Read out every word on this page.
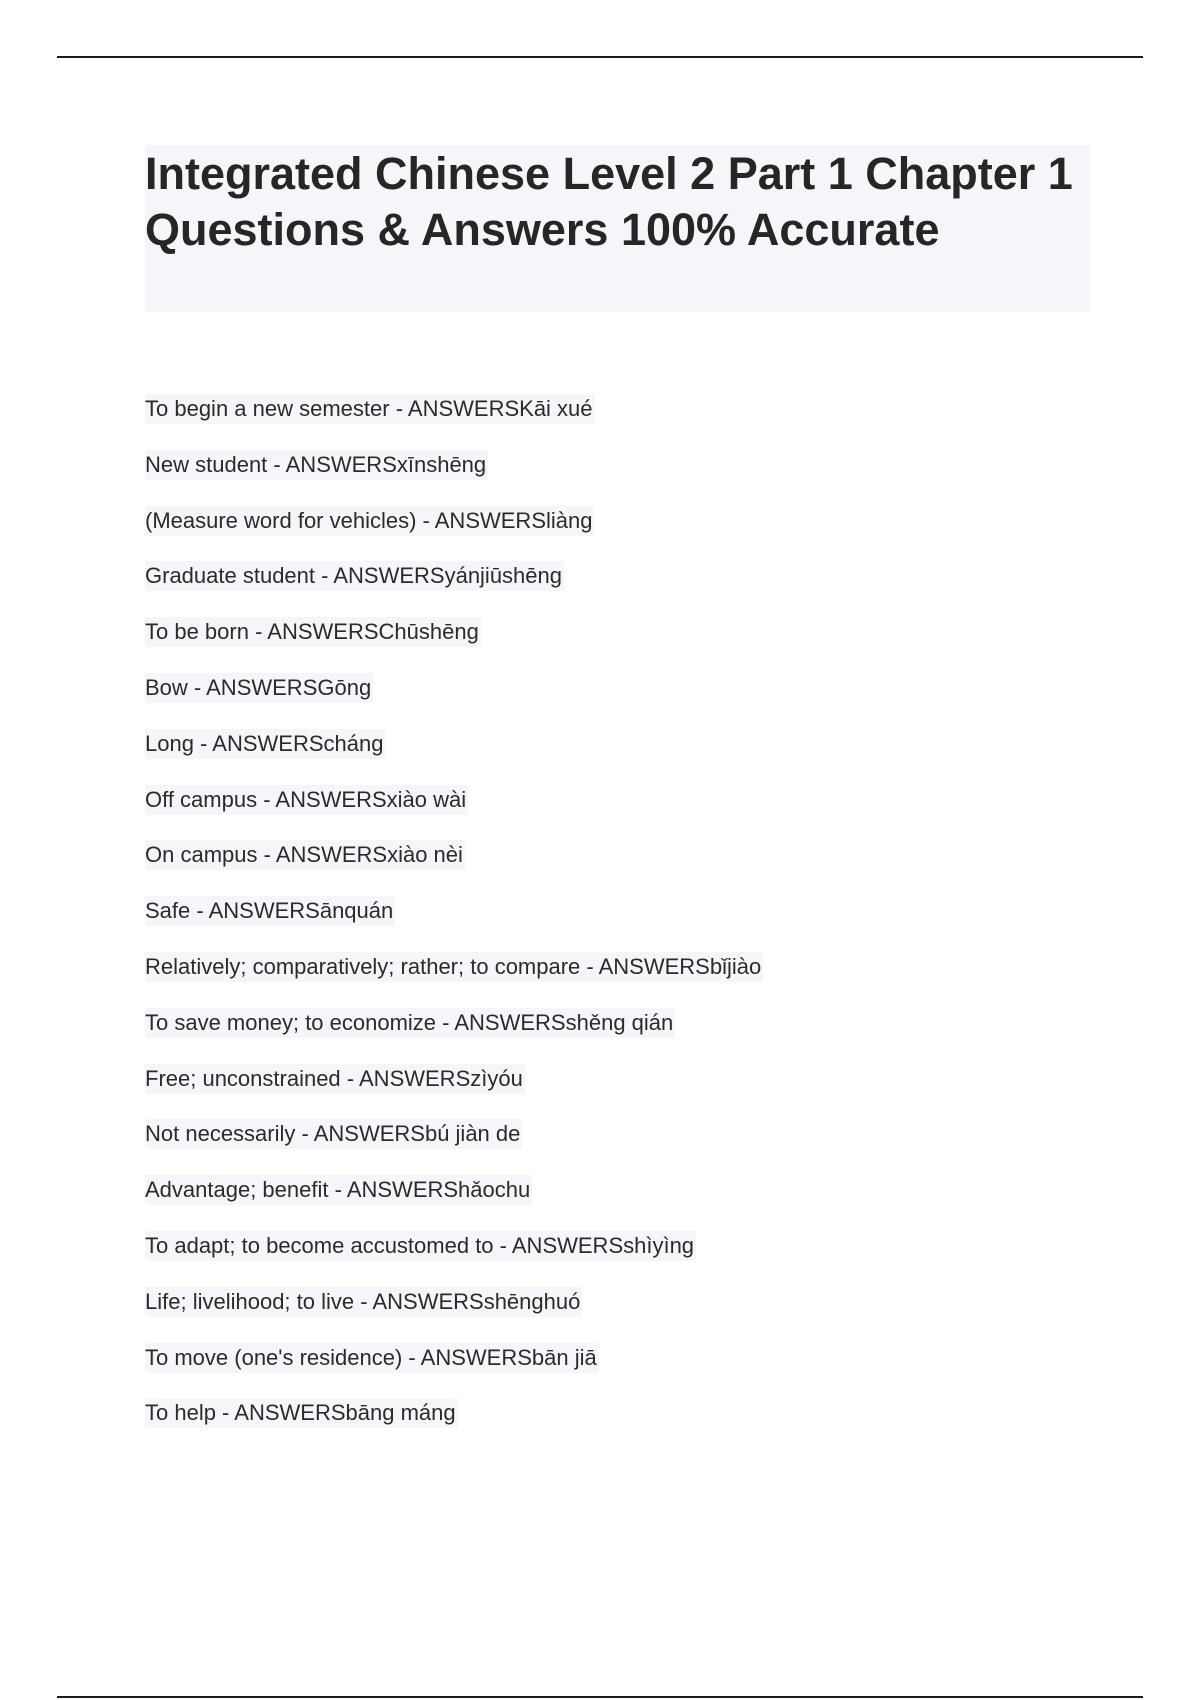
Integrated Chinese Level 2 Part 1 Chapter 1 Questions & Answers 100% Accurate
To begin a new semester - ANSWERSKāi xué
New student - ANSWERSxīnshēng
(Measure word for vehicles) - ANSWERSliàng
Graduate student - ANSWERSyánjiūshēng
To be born - ANSWERSChūshēng
Bow - ANSWERSGōng
Long - ANSWERScháng
Off campus - ANSWERSxiào wài
On campus - ANSWERSxiào nèi
Safe - ANSWERSānquán
Relatively; comparatively; rather; to compare - ANSWERSbǐjiào
To save money; to economize - ANSWERSshěng qián
Free; unconstrained - ANSWERSzìyóu
Not necessarily - ANSWERSbú jiàn de
Advantage; benefit - ANSWERShǎochu
To adapt; to become accustomed to - ANSWERSshìyìng
Life; livelihood; to live - ANSWERSshēnghuó
To move (one's residence) - ANSWERSbān jiā
To help - ANSWERSbāng máng
